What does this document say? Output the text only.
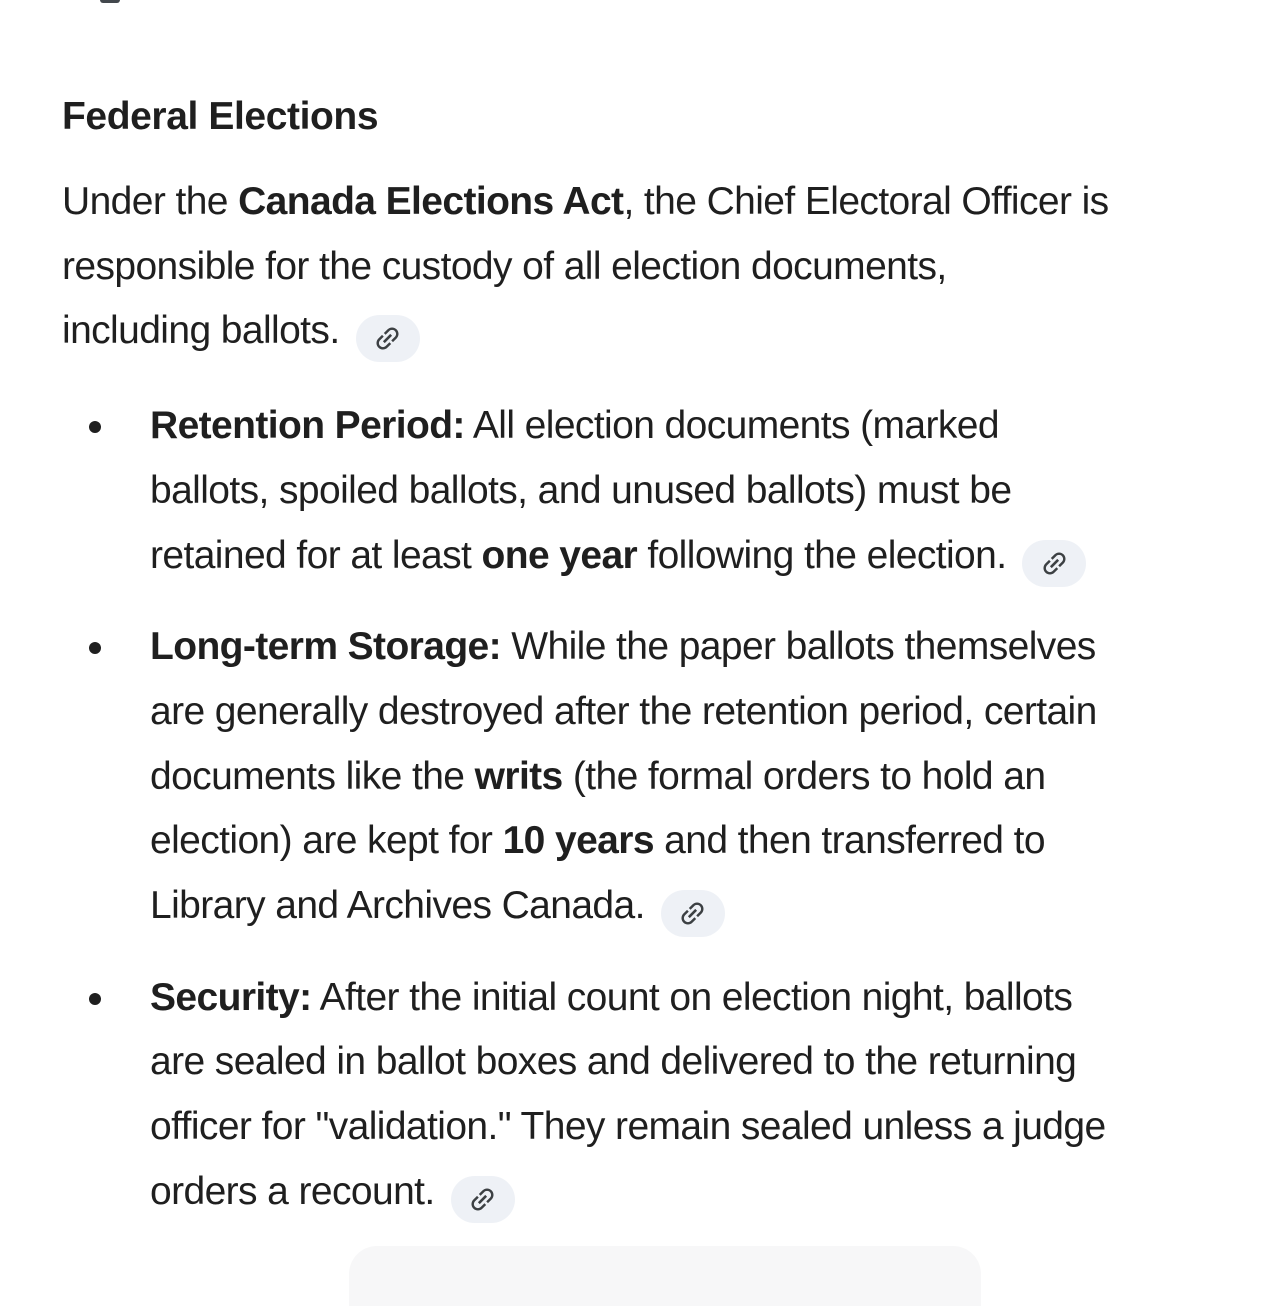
Federal Elections

Under the Canada Elections Act, the Chief Electoral Officer is
responsible for the custody of all election documents,
including ballots.

Retention Period: All election documents (marked
ballots, spoiled ballots, and unused ballots) must be
retained for at least one year following the election.
Long-term Storage: While the paper ballots themselves
are generally destroyed after the retention period, certain
documents like the writs (the formal orders to hold an
election) are kept for 10 years and then transferred to
Library and Archives Canada.
Security: After the initial count on election night, ballots
are sealed in ballot boxes and delivered to the returning
officer for "validation." They remain sealed unless a judge
orders a recount.
